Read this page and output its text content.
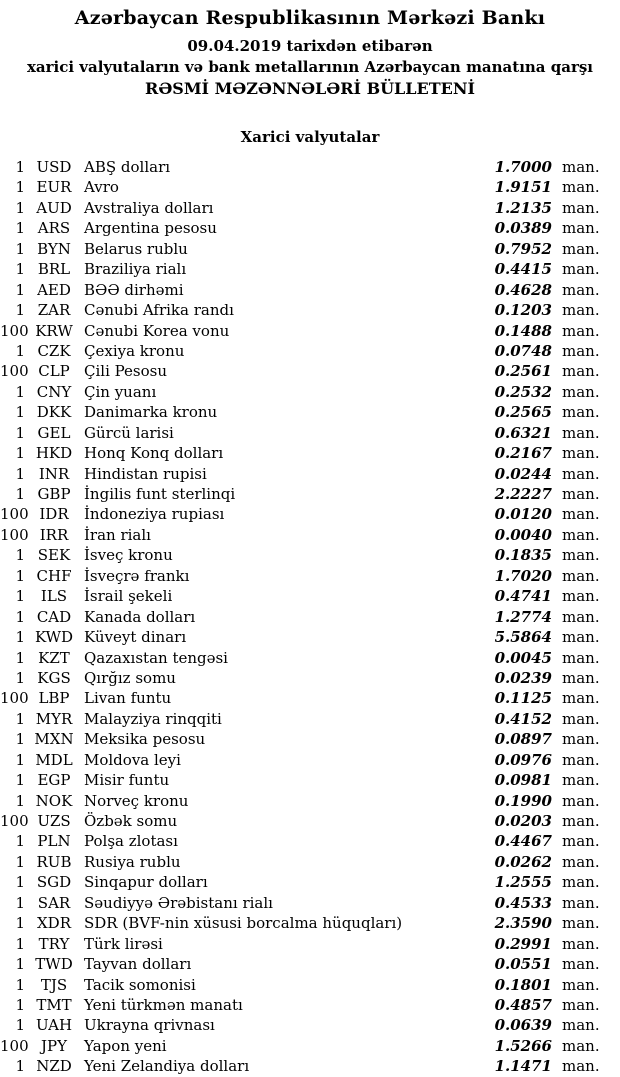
Azərbaycan Respublikasının Mərkəzi Bankı
09.04.2019 tarixdən etibarən
xarici valyutaların və bank metallarının Azərbaycan manatına qarşı
RƏSMİ MƏZƏNNƏLƏRİ BÜLLETENİ
Xarici valyutalar
1 USD ABŞ dolları	1.7000 man.
1 EUR Avro	1.9151 man.
1 AUD Avstraliya dolları	1.2135 man.
1 ARS Argentina pesosu	0.0389 man.
1 BYN Belarus rublu	0.7952 man.
1 BRL Braziliya rialı	0.4415 man.
1 AED BƏƏ dirhəmi	0.4628 man.
1 ZAR Cənubi Afrika randı	0.1203 man.
100 KRW Cənubi Korea vonu	0.1488 man.
1 CZK Çexiya kronu	0.0748 man.
100 CLP Çili Pesosu	0.2561 man.
1 CNY Çin yuanı	0.2532 man.
1 DKK Danimarka kronu	0.2565 man.
1 GEL Gürcü larisi	0.6321 man.
1 HKD Honq Konq dolları	0.2167 man.
1 INR Hindistan rupisi	0.0244 man.
1 GBP İngilis funt sterlinqi	2.2227 man.
100 IDR	İndoneziya rupiası	0.0120 man.
100 IRR	İran rialı	0.0040 man.
1 SEK İsveç kronu	0.1835 man.
1 CHF İsveçrə frankı	1.7020 man.
1	ILS	İsrail şekeli	0.4741 man.
1 CAD Kanada dolları	1.2774 man.
1 KWD Küveyt dinarı	5.5864 man.
1 KZT Qazaxıstan tengəsi	0.0045 man.
1 KGS Qırğız somu	0.0239 man.
100 LBP Livan funtu	0.1125 man.
1 MYR Malayziya rinqqiti	0.4152 man.
1 MXN Meksika pesosu	0.0897 man.
1 MDL Moldova leyi	0.0976 man.
1 EGP Misir funtu	0.0981 man.
1 NOK Norveç kronu	0.1990 man.
100 UZS Özbək somu	0.0203 man.
1 PLN Polşa zlotası	0.4467 man.
1 RUB Rusiya rublu	0.0262 man.
1 SGD Sinqapur dolları	1.2555 man.
1 SAR Səudiyyə Ərəbistanı rialı	0.4533 man.
1 XDR SDR (BVF-nin xüsusi borcalma hüquqları)	2.3590 man.
1 TRY Türk lirəsi	0.2991 man.
1 TWD Tayvan dolları	0.0551 man.
1	TJS	Tacik somonisi	0.1801 man.
1 TMT Yeni türkmən manatı	0.4857 man.
1 UAH Ukrayna qrivnası	0.0639 man.
100 JPY	Yapon yeni	1.5266 man.
1 NZD Yeni Zelandiya dolları	1.1471 man.
